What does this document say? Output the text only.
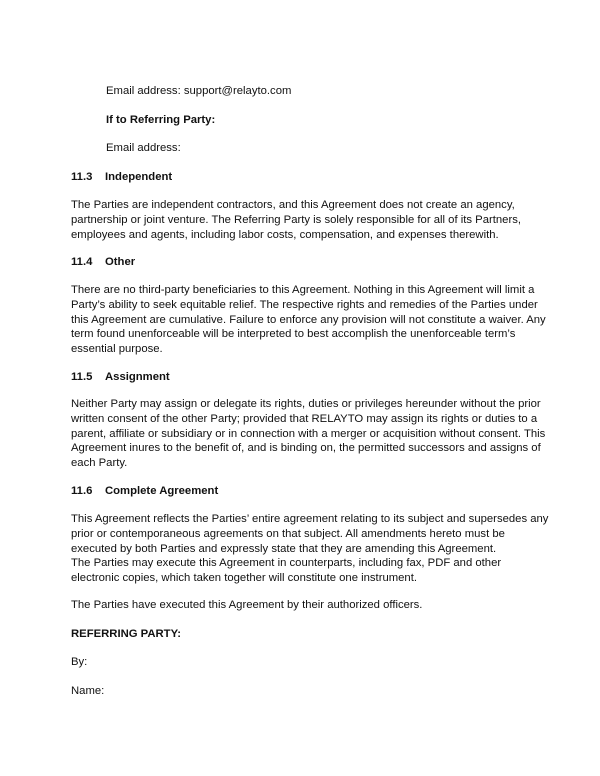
Email address: support@relayto.com
If to Referring Party:
Email address:
11.3 Independent

The Parties are independent contractors, and this Agreement does not create an agency,

partnership or joint venture. The Referring Party is solely responsible for all of its Partners,

employees and agents, including labor costs, compensation, and expenses therewith.

11.4 Other

There are no third-party beneficiaries to this Agreement. Nothing in this Agreement will limit a

Party’s ability to seek equitable relief. The respective rights and remedies of the Parties under

this Agreement are cumulative. Failure to enforce any provision will not constitute a waiver. Any

term found unenforceable will be interpreted to best accomplish the unenforceable term’s

essential purpose.

11.5 Assignment

Neither Party may assign or delegate its rights, duties or privileges hereunder without the prior

written consent of the other Party; provided that RELAYTO may assign its rights or duties to a

parent, affiliate or subsidiary or in connection with a merger or acquisition without consent. This

Agreement inures to the benefit of, and is binding on, the permitted successors and assigns of

each Party.

11.6 Complete Agreement

This Agreement reflects the Parties’ entire agreement relating to its subject and supersedes any

prior or contemporaneous agreements on that subject. All amendments hereto must be

executed by both Parties and expressly state that they are amending this Agreement.

The Parties may execute this Agreement in counterparts, including fax, PDF and other

electronic copies, which taken together will constitute one instrument.

The Parties have executed this Agreement by their authorized officers.
REFERRING PARTY:
By:
Name:
